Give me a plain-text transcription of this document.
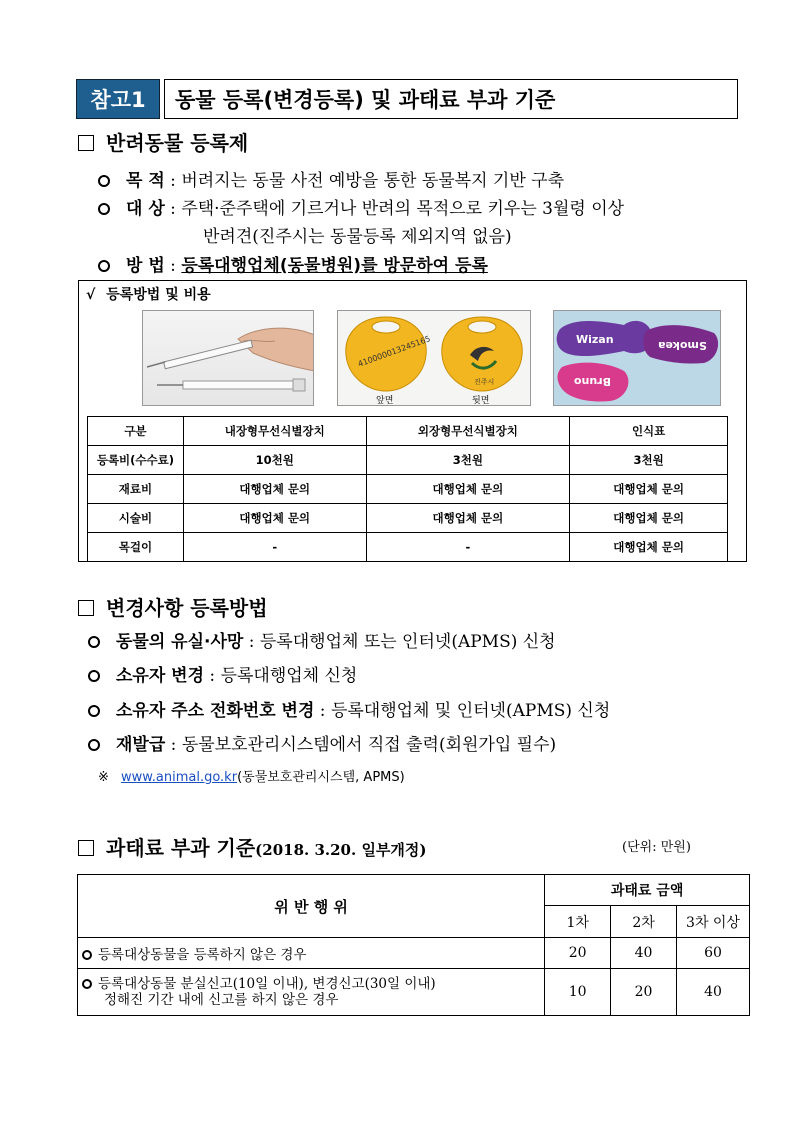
참고1	동물 등록(변경등록) 및 과태료 부과 기준
반려동물 등록제
목 적 : 버려지는 동물 사전 예방을 통한 동물복지 기반 구축
대 상 : 주택·준주택에 기르거나 반려의 목적으로 키우는 3월령 이상
반려견(진주시는 동물등록 제외지역 없음)
방 법 : 등록대행업체(동물병원)를 방문하여 등록
√ 등록방법 및 비용
410000013245165
진주시
앞면	뒷면
Wizan	Smokea
Bruno
구분	내장형무선식별장치	외장형무선식별장치	인식표
등록비(수수료)	10천원	3천원	3천원
재료비	대행업체 문의	대행업체 문의	대행업체 문의
시술비	대행업체 문의	대행업체 문의	대행업체 문의
목걸이	-	-	대행업체 문의
변경사항 등록방법
동물의 유실·사망 : 등록대행업체 또는 인터넷(APMS) 신청
소유자 변경 : 등록대행업체 신청
소유자 주소 전화번호 변경 : 등록대행업체 및 인터넷(APMS) 신청
재발급 : 동물보호관리시스템에서 직접 출력(회원가입 필수)
※ www.animal.go.kr(동물보호관리시스템, APMS)
과태료 부과 기준(2018. 3.20. 일부개정)	(단위: 만원)
위 반 행 위	과태료 금액		
	1차	2차	3차 이상
등록대상동물을 등록하지 않은 경우	20	40	60
등록대상동물 분실신고(10일 이내), 변경신고(30일 이내)
정해진 기간 내에 신고를 하지 않은 경우	10	20	40
